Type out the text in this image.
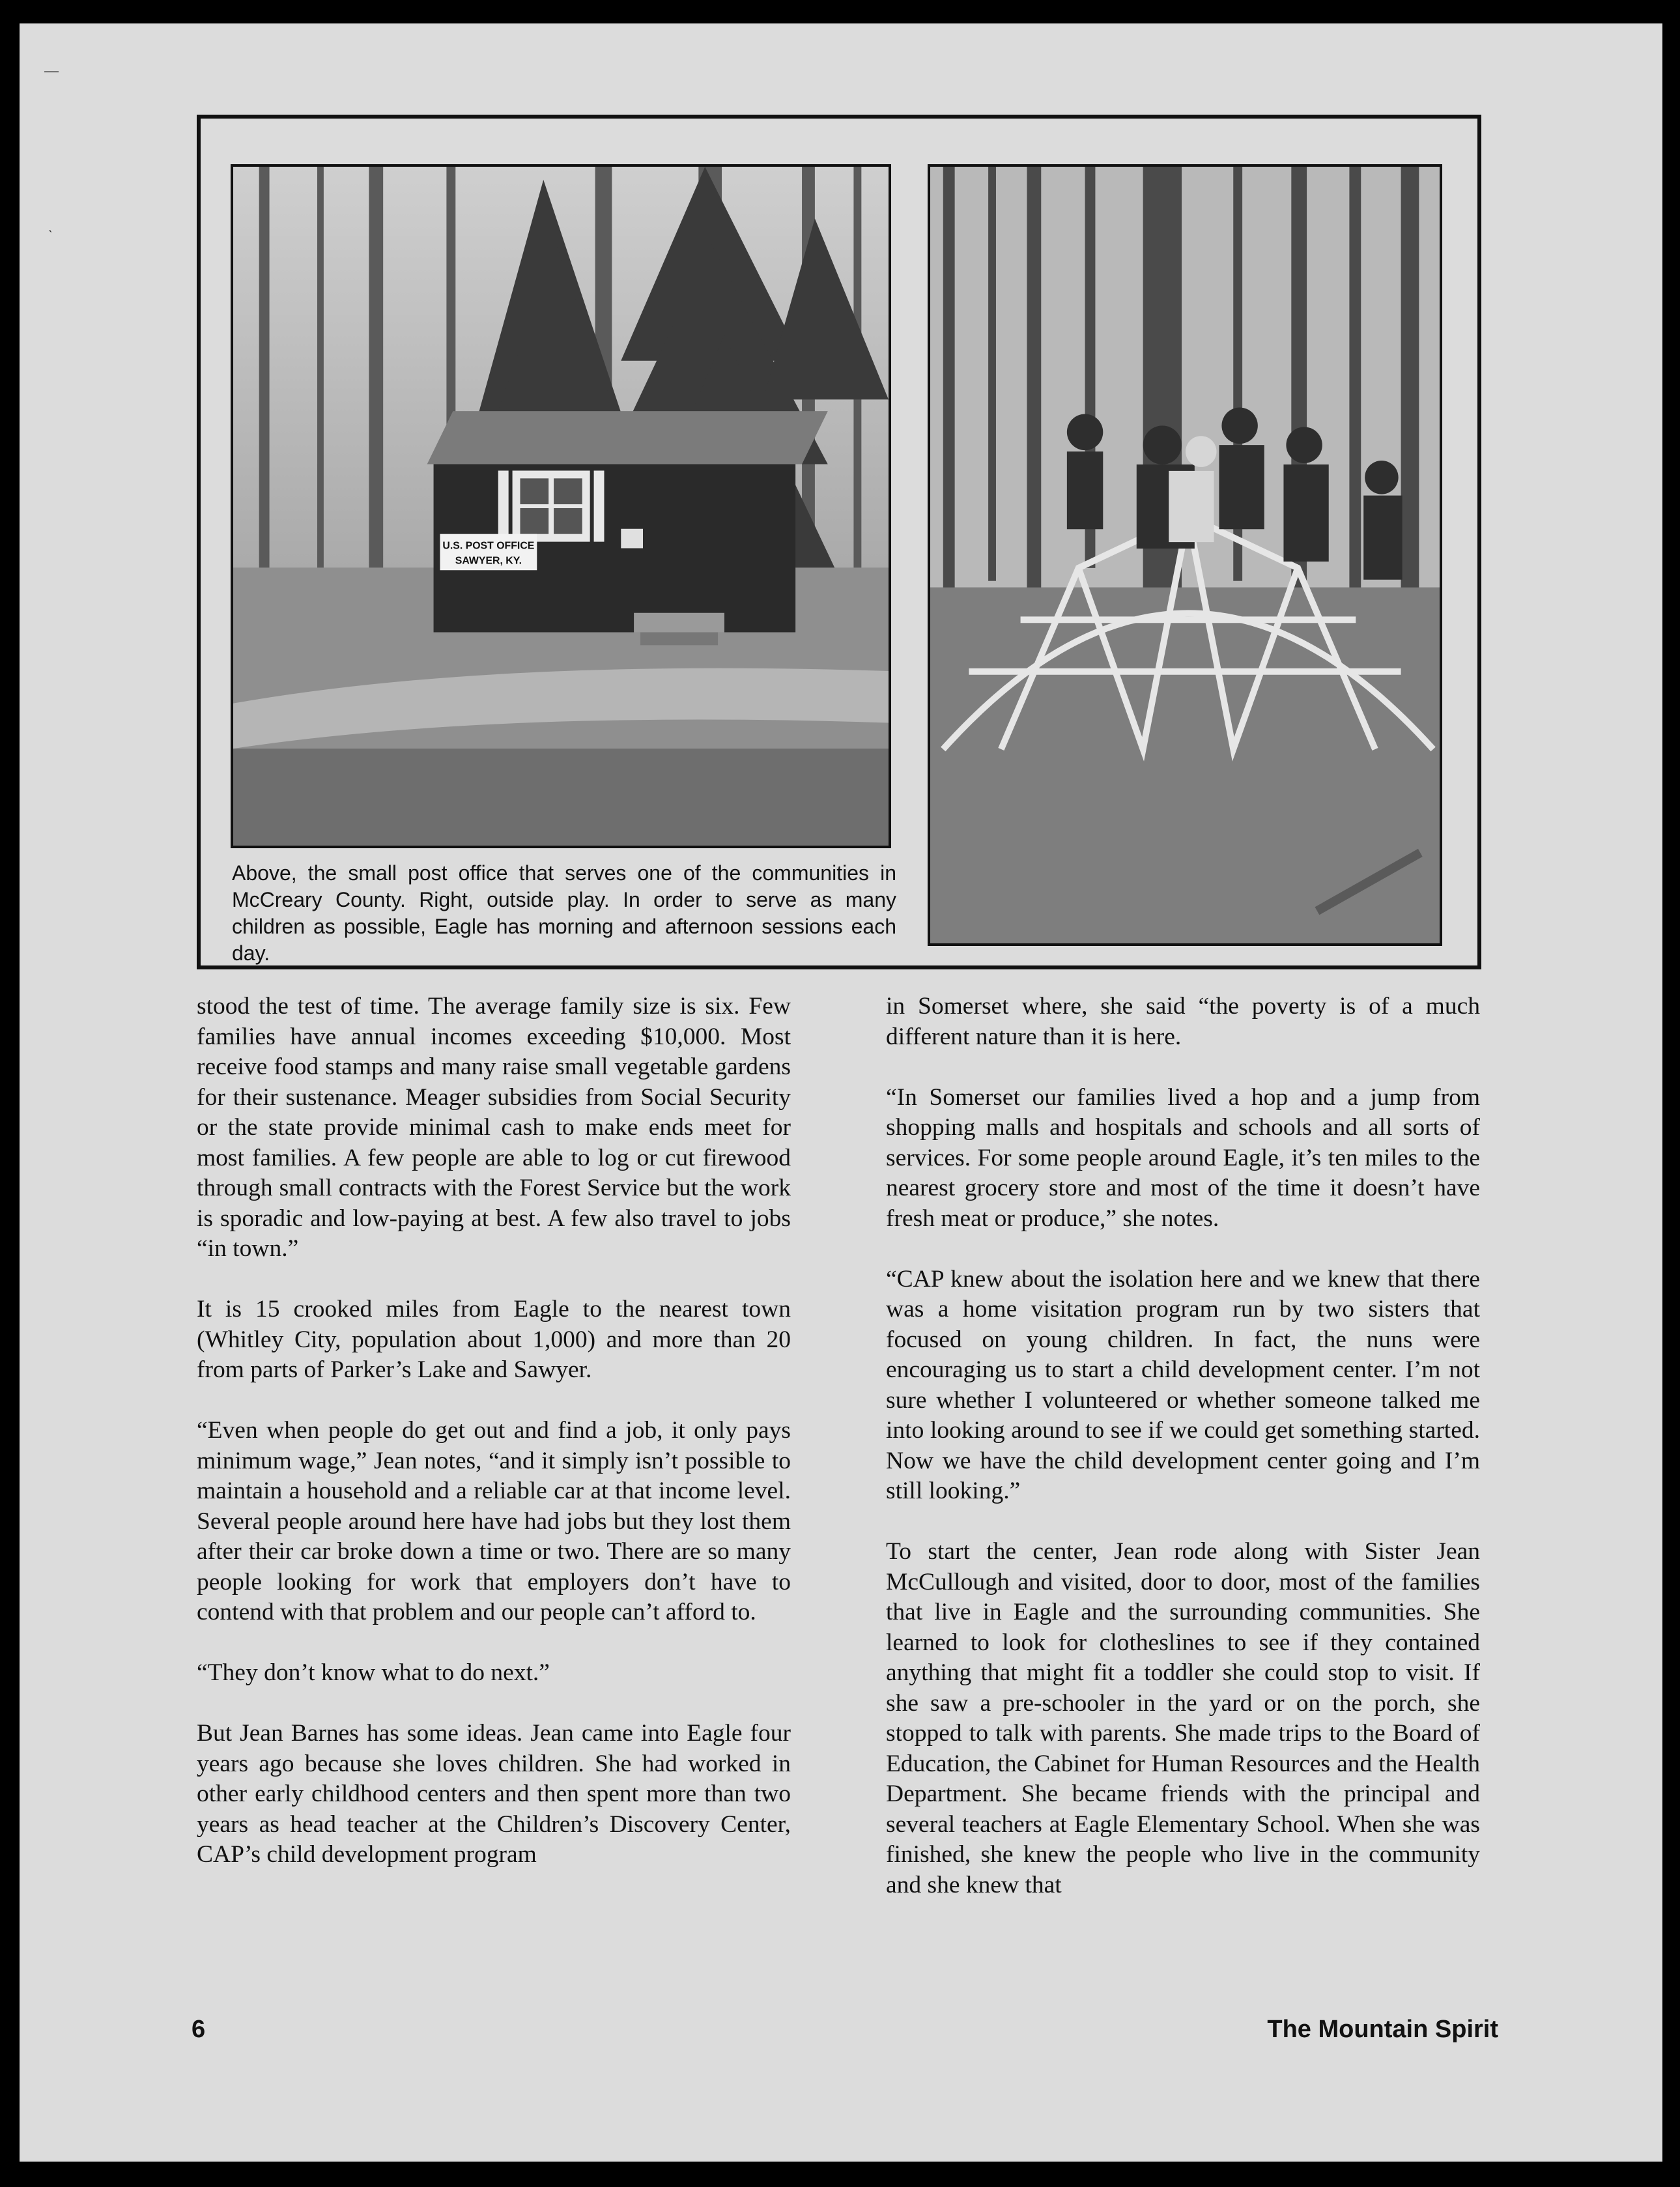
—
ˎ
U.S. POST OFFICE
SAWYER, KY.

Above, the small post office that serves one of the communities in McCreary County. Right, outside play. In order to serve as many children as possible, Eagle has morning and afternoon sessions each day.

stood the test of time. The average family size is six. Few families have annual incomes exceeding $10,000. Most receive food stamps and many raise small vegetable gardens for their sustenance. Meager subsidies from Social Security or the state provide minimal cash to make ends meet for most families. A few people are able to log or cut firewood through small contracts with the Forest Service but the work is sporadic and low-paying at best. A few also travel to jobs “in town.”

It is 15 crooked miles from Eagle to the nearest town (Whitley City, population about 1,000) and more than 20 from parts of Parker’s Lake and Sawyer.

“Even when people do get out and find a job, it only pays minimum wage,” Jean notes, “and it simply isn’t possible to maintain a household and a reliable car at that income level. Several people around here have had jobs but they lost them after their car broke down a time or two. There are so many people looking for work that employers don’t have to contend with that problem and our people can’t afford to.

“They don’t know what to do next.”

But Jean Barnes has some ideas. Jean came into Eagle four years ago because she loves children. She had worked in other early childhood centers and then spent more than two years as head teacher at the Children’s Discovery Center, CAP’s child development program

in Somerset where, she said “the poverty is of a much different nature than it is here.

“In Somerset our families lived a hop and a jump from shopping malls and hospitals and schools and all sorts of services. For some people around Eagle, it’s ten miles to the nearest grocery store and most of the time it doesn’t have fresh meat or produce,” she notes.

“CAP knew about the isolation here and we knew that there was a home visitation program run by two sisters that focused on young children. In fact, the nuns were encouraging us to start a child development center. I’m not sure whether I volunteered or whether someone talked me into looking around to see if we could get something started. Now we have the child development center going and I’m still looking.”

To start the center, Jean rode along with Sister Jean McCullough and visited, door to door, most of the families that live in Eagle and the surrounding communities. She learned to look for clotheslines to see if they contained anything that might fit a toddler she could stop to visit. If she saw a pre-schooler in the yard or on the porch, she stopped to talk with parents. She made trips to the Board of Education, the Cabinet for Human Resources and the Health Department. She became friends with the principal and several teachers at Eagle Elementary School. When she was finished, she knew the people who live in the community and she knew that

6	The Mountain Spirit
